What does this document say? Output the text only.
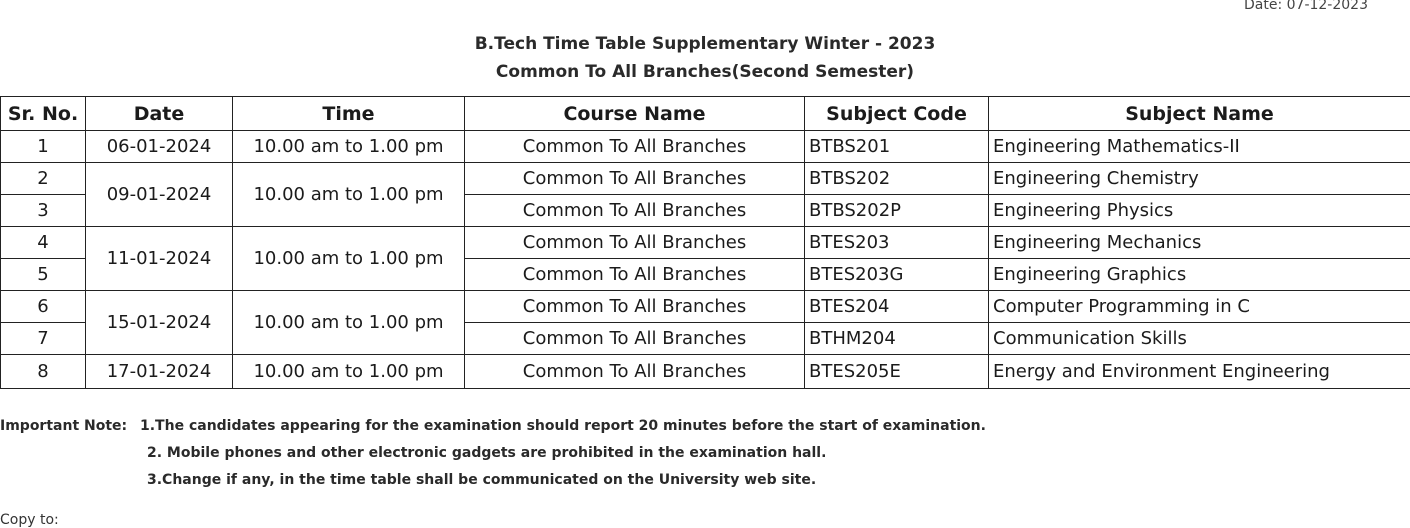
Date: 07-12-2023
B.Tech Time Table Supplementary Winter - 2023
Common To All Branches(Second Semester)
Sr. No.	Date	Time	Course Name	Subject Code	Subject Name
1	06-01-2024	10.00 am to 1.00 pm	Common To All Branches	BTBS201	Engineering Mathematics-II
2	09-01-2024	10.00 am to 1.00 pm	Common To All Branches	BTBS202	Engineering Chemistry
3			Common To All Branches	BTBS202P	Engineering Physics
4	11-01-2024	10.00 am to 1.00 pm	Common To All Branches	BTES203	Engineering Mechanics
5			Common To All Branches	BTES203G	Engineering Graphics
6	15-01-2024	10.00 am to 1.00 pm	Common To All Branches	BTES204	Computer Programming in C
7			Common To All Branches	BTHM204	Communication Skills
8	17-01-2024	10.00 am to 1.00 pm	Common To All Branches	BTES205E	Energy and Environment Engineering
Important Note: 1.The candidates appearing for the examination should report 20 minutes before the start of examination.
2. Mobile phones and other electronic gadgets are prohibited in the examination hall.
3.Change if any, in the time table shall be communicated on the University web site.
Copy to:
